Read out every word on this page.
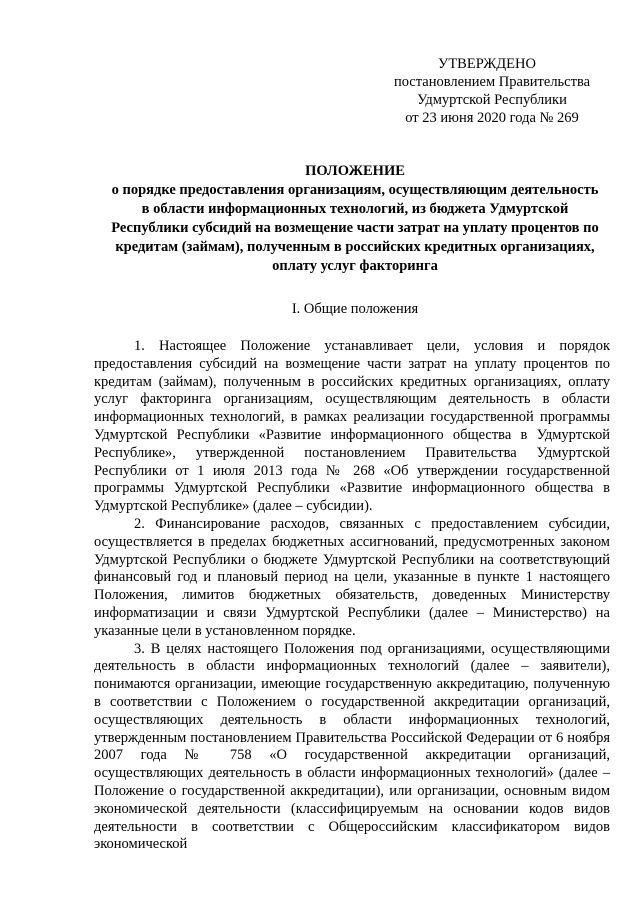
УТВЕРЖДЕНО
постановлением Правительства
Удмуртской Республики
от 23 июня 2020 года № 269
ПОЛОЖЕНИЕ
о порядке предоставления организациям, осуществляющим деятельность
в области информационных технологий, из бюджета Удмуртской
Республики субсидий на возмещение части затрат на уплату процентов по
кредитам (займам), полученным в российских кредитных организациях,
оплату услуг факторинга
I. Общие положения

1. Настоящее Положение устанавливает цели, условия и порядок предоставления субсидий на возмещение части затрат на уплату процентов по кредитам (займам), полученным в российских кредитных организациях, оплату услуг факторинга организациям, осуществляющим деятельность в области информационных технологий, в рамках реализации государственной программы Удмуртской Республики «Развитие информационного общества в Удмуртской Республике», утвержденной постановлением Правительства Удмуртской Республики от 1 июля 2013 года № 268 «Об утверждении государственной программы Удмуртской Республики «Развитие информационного общества в Удмуртской Республике» (далее – субсидии).

2. Финансирование расходов, связанных с предоставлением субсидии, осуществляется в пределах бюджетных ассигнований, предусмотренных законом Удмуртской Республики о бюджете Удмуртской Республики на соответствующий финансовый год и плановый период на цели, указанные в пункте 1 настоящего Положения, лимитов бюджетных обязательств, доведенных Министерству информатизации и связи Удмуртской Республики (далее – Министерство) на указанные цели в установленном порядке.

3. В целях настоящего Положения под организациями, осуществляющими деятельность в области информационных технологий (далее – заявители), понимаются организации, имеющие государственную аккредитацию, полученную в соответствии с Положением о государственной аккредитации организаций, осуществляющих деятельность в области информационных технологий, утвержденным постановлением Правительства Российской Федерации от 6 ноября 2007 года № 758 «О государственной аккредитации организаций, осуществляющих деятельность в области информационных технологий» (далее – Положение о государственной аккредитации), или организации, основным видом экономической деятельности (классифицируемым на основании кодов видов деятельности в соответствии с Общероссийским классификатором видов экономической
